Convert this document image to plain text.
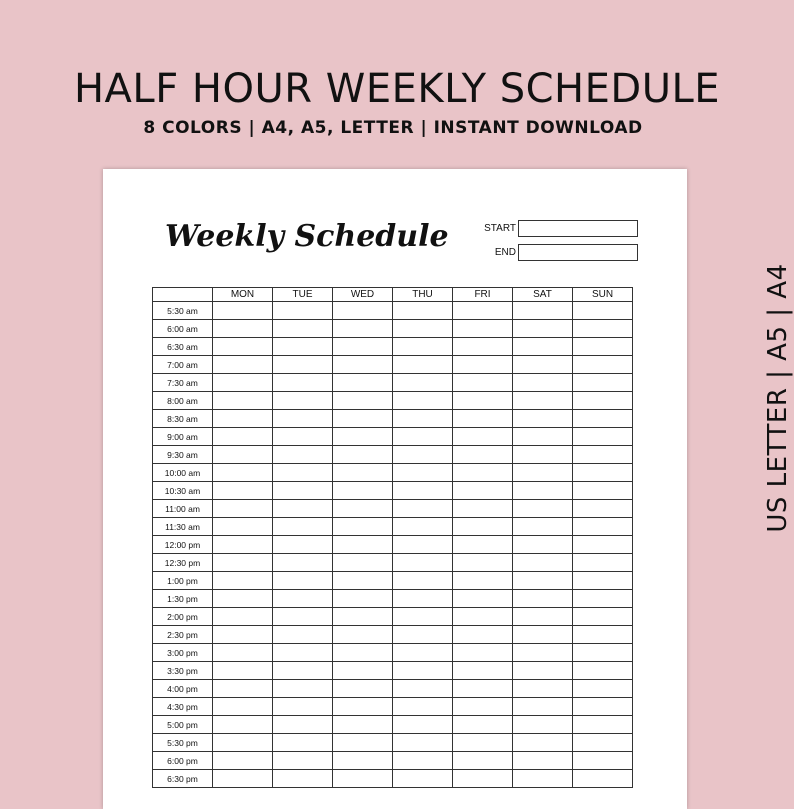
HALF HOUR WEEKLY SCHEDULE

8 COLORS | A4, A5, LETTER | INSTANT DOWNLOAD

US LETTER | A5 | A4
Weekly Schedule	START
END
	MON	TUE	WED	THU	FRI	SAT	SUN
5:30 am							
6:00 am							
6:30 am							
7:00 am							
7:30 am							
8:00 am							
8:30 am							
9:00 am							
9:30 am							
10:00 am							
10:30 am							
11:00 am							
11:30 am							
12:00 pm							
12:30 pm							
1:00 pm							
1:30 pm							
2:00 pm							
2:30 pm							
3:00 pm							
3:30 pm							
4:00 pm							
4:30 pm							
5:00 pm							
5:30 pm							
6:00 pm							
6:30 pm							
